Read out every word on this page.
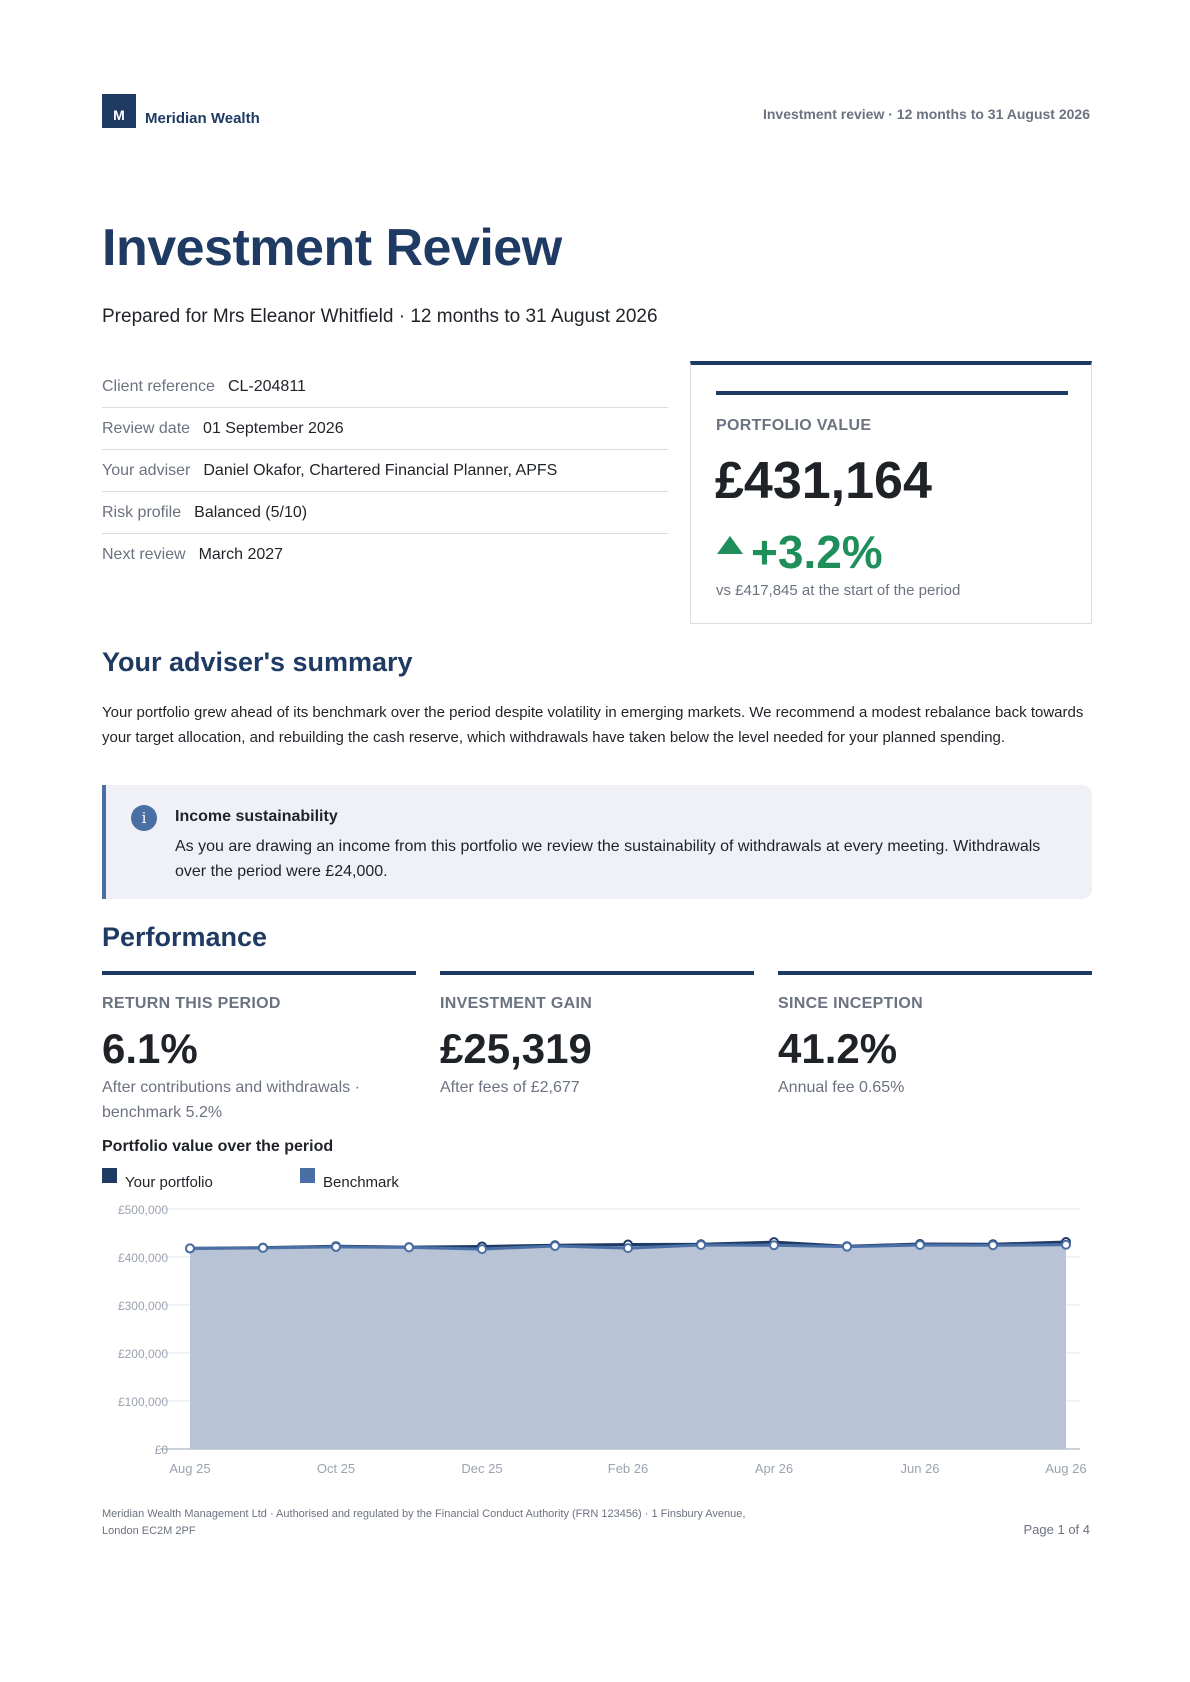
M	Meridian Wealth	Investment review · 12 months to 31 August 2026
Investment Review
Prepared for Mrs Eleanor Whitfield · 12 months to 31 August 2026
Client reference CL-204811
Review date 01 September 2026
Your adviser Daniel Okafor, Chartered Financial Planner, APFS
Risk profile Balanced (5/10)
Next review March 2027
PORTFOLIO VALUE
£431,164
+3.2%
vs £417,845 at the start of the period
Your adviser's summary
Your portfolio grew ahead of its benchmark over the period despite volatility in emerging markets. We recommend a modest rebalance back towards your target allocation, and rebuilding the cash reserve, which withdrawals have taken below the level needed for your planned spending.
i	Income sustainability
As you are drawing an income from this portfolio we review the sustainability of withdrawals at every meeting. Withdrawals over the period were £24,000.
Performance
RETURN THIS PERIOD
6.1%
After contributions and withdrawals · benchmark 5.2%
INVESTMENT GAIN
£25,319
After fees of £2,677
SINCE INCEPTION
41.2%
Annual fee 0.65%
Portfolio value over the period
Your portfolio	Benchmark
£0
£100,000
£200,000
£300,000
£400,000
£500,000
Aug 25	Oct 25	Dec 25	Feb 26	Apr 26	Jun 26	Aug 26
Meridian Wealth Management Ltd · Authorised and regulated by the Financial Conduct Authority (FRN 123456) · 1 Finsbury Avenue, London EC2M 2PF	Page 1 of 4
